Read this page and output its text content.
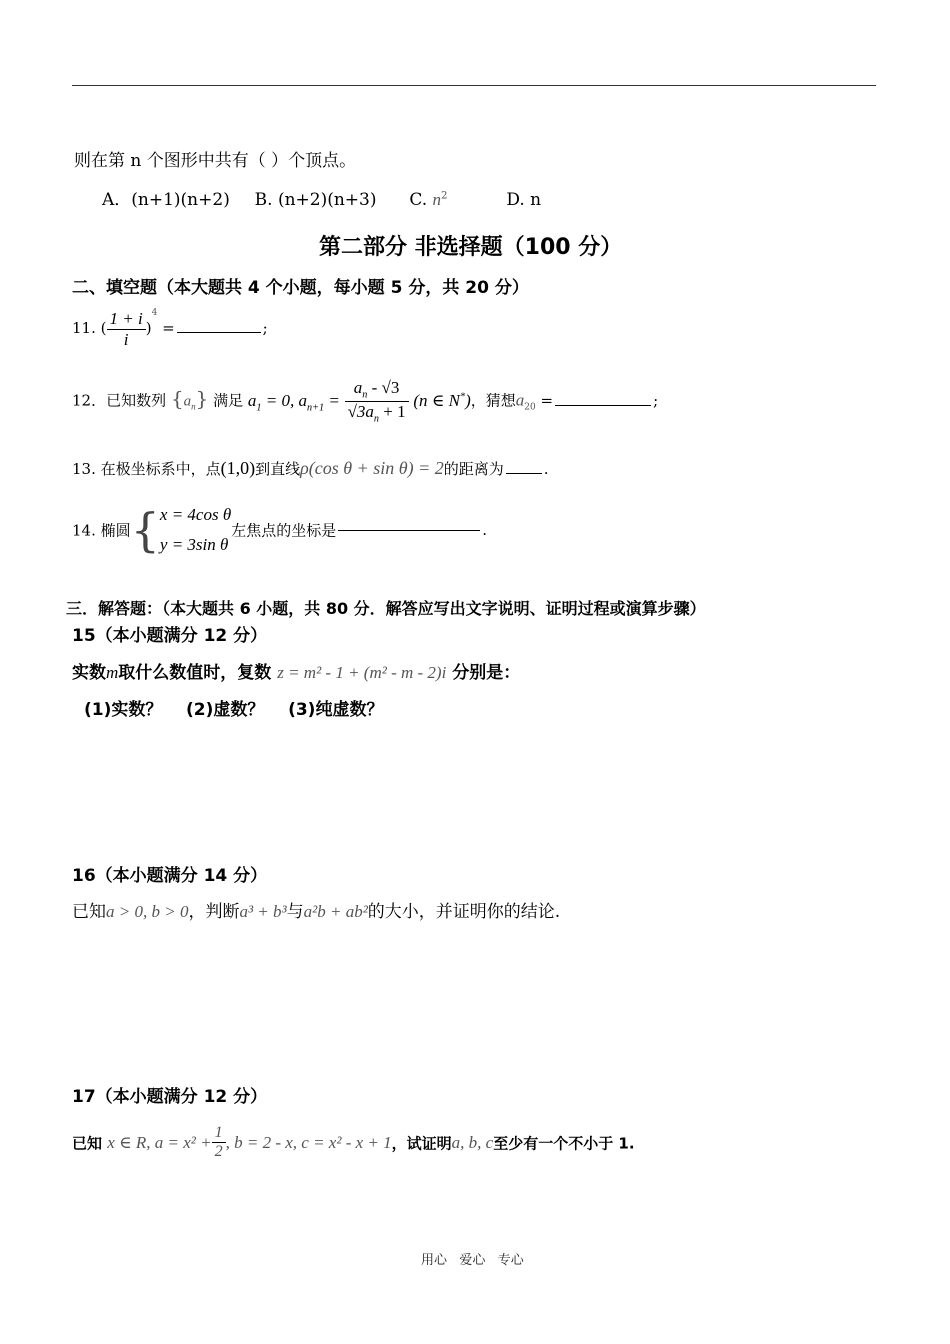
则在第 n 个图形中共有（ ）个顶点。
A．(n+1)(n+2) B. (n+2)(n+3) C. $n^2$	D. n
第二部分 非选择题（100 分）
二、填空题（本大题共 4 个小题，每小题 5 分，共 20 分）
11. ( $\frac{1 + i}{i} )^4$ =	;
12．已知数列 $\{a_n\}$ 满足 $a_1 = 0$, $a_{n+1} = \frac{a_n - √3}{√3a_n + 1} (n$ ∈ N*)，猜想$a_{20}$ =	;
13. 在极坐标系中，点(1,0)到直线ρ(cos θ + sin θ) = 2的距离为	.
14. 椭圆{ x = 4cos θ
y = 3sin θ
左焦点的坐标是	.
三．解答题：（本大题共 6 小题，共 80 分．解答应写出文字说明、证明过程或演算步骤）
15（本小题满分 12 分）
实数m取什么数值时，复数 z = m² - 1 + (m² - m - 2)i 分别是：
(1)实数？    (2)虚数？    (3)纯虚数？
16（本小题满分 14 分）
已知a > 0, b > 0，判断a³ + b³与a²b + ab²的大小，并证明你的结论.
17（本小题满分 12 分）
已知 x ∈ R, $a = x^2 + \frac{1}{2}$ , b = 2 - x, c = x² - x + 1，试证明a, b, c至少有一个不小于 1.
用心   爱心   专心
